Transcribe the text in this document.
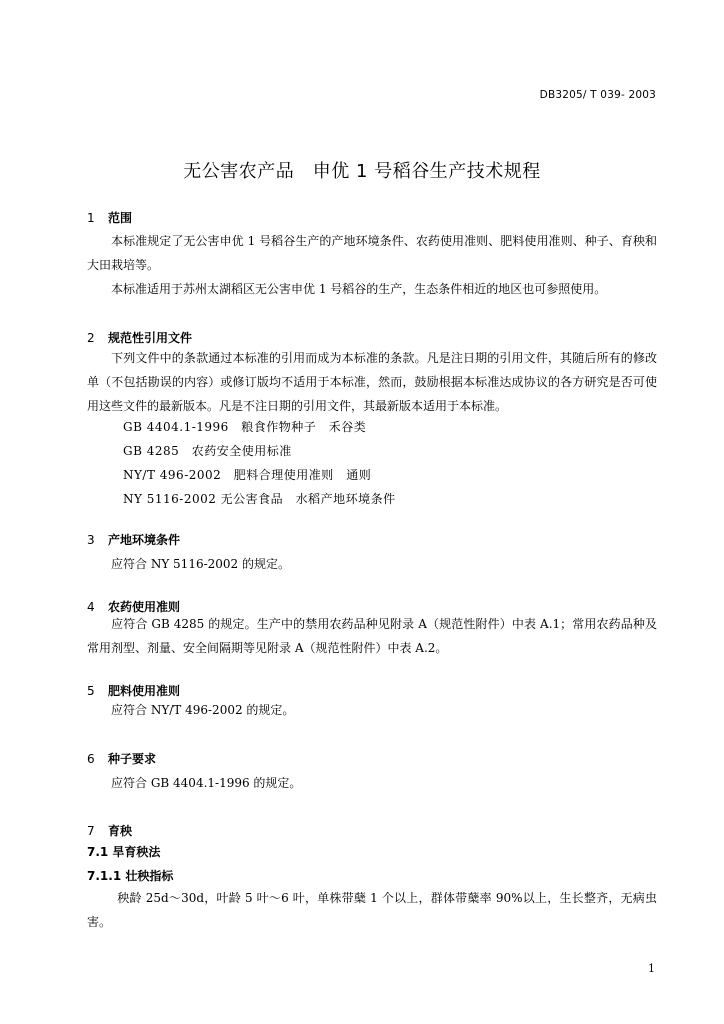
DB3205/ T 039- 2003
无公害农产品　申优 1 号稻谷生产技术规程
1 范围
本标准规定了无公害申优 1 号稻谷生产的产地环境条件、农药使用准则、肥料使用准则、种子、育秧和大田栽培等。
本标准适用于苏州太湖稻区无公害申优 1 号稻谷的生产，生态条件相近的地区也可参照使用。
2 规范性引用文件
下列文件中的条款通过本标准的引用而成为本标准的条款。凡是注日期的引用文件，其随后所有的修改单（不包括勘误的内容）或修订版均不适用于本标准，然而，鼓励根据本标准达成协议的各方研究是否可使用这些文件的最新版本。凡是不注日期的引用文件，其最新版本适用于本标准。
GB 4404.1-1996　粮食作物种子　禾谷类
GB 4285　农药安全使用标准
NY/T 496-2002　肥料合理使用准则　通则
NY 5116-2002 无公害食品　水稻产地环境条件
3 产地环境条件
应符合 NY 5116-2002 的规定。
4 农药使用准则
应符合 GB 4285 的规定。生产中的禁用农药品种见附录 A（规范性附件）中表 A.1；常用农药品种及常用剂型、剂量、安全间隔期等见附录 A（规范性附件）中表 A.2。
5 肥料使用准则
应符合 NY/T 496-2002 的规定。
6 种子要求
应符合 GB 4404.1-1996 的规定。
7 育秧
7.1 旱育秧法
7.1.1 壮秧指标
秧龄 25d～30d，叶龄 5 叶～6 叶，单株带蘖 1 个以上，群体带蘖率 90%以上，生长整齐，无病虫害。
1
